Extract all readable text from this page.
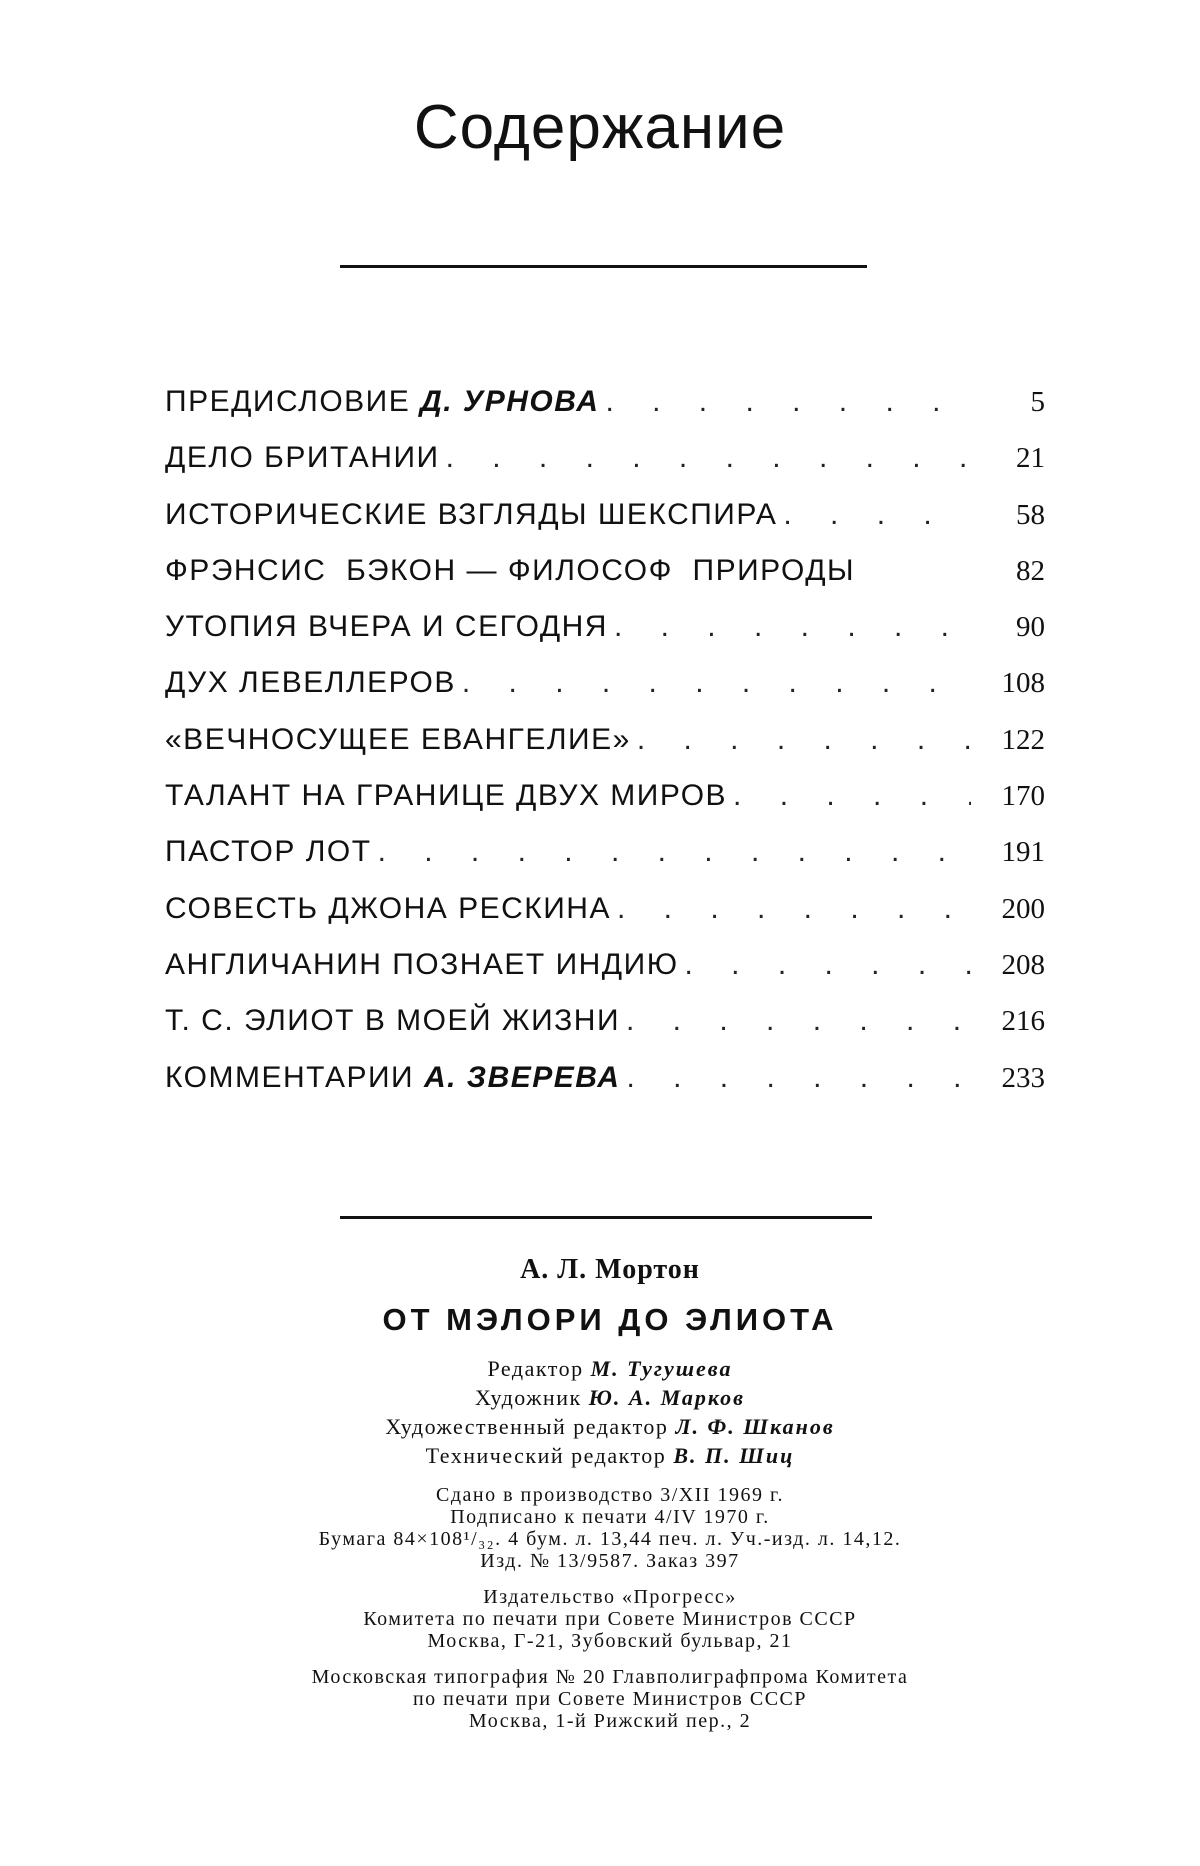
Содержание
ПРЕДИСЛОВИЕ Д. УРНОВА . . .	5
ДЕЛО БРИТАНИИ . . .	21
ИСТОРИЧЕСКИЕ ВЗГЛЯДЫ ШЕКСПИРА . . .	58
ФРЭНСИС  БЭКОН — ФИЛОСОФ  ПРИРОДЫ	82
УТОПИЯ ВЧЕРА И СЕГОДНЯ . . .	90
ДУХ ЛЕВЕЛЛЕРОВ . . .	108
«ВЕЧНОСУЩЕЕ ЕВАНГЕЛИЕ» . . .	122
ТАЛАНТ НА ГРАНИЦЕ ДВУХ МИРОВ . . .	170
ПАСТОР ЛОТ . . .	191
СОВЕСТЬ ДЖОНА РЕСКИНА . . .	200
АНГЛИЧАНИН ПОЗНАЕТ ИНДИЮ . . .	208
Т. С. ЭЛИОТ В МОЕЙ ЖИЗНИ . . .	216
КОММЕНТАРИИ А. ЗВЕРЕВА . . .	233

А. Л. Мортон

ОТ МЭЛОРИ ДО ЭЛИОТА

Редактор М. Тугушева
Художник Ю. А. Марков
Художественный редактор Л. Ф. Шканов
Технический редактор В. П. Шиц
Сдано в производство 3/XII 1969 г.
Подписано к печати 4/IV 1970 г.
Бумага 84×108¹/₃₂. 4 бум. л. 13,44 печ. л. Уч.-изд. л. 14,12.
Изд. № 13/9587. Заказ 397
Издательство «Прогресс»
Комитета по печати при Совете Министров СССР
Москва, Г-21, Зубовский бульвар, 21
Московская типография № 20 Главполиграфпрома Комитета
по печати при Совете Министров СССР
Москва, 1-й Рижский пер., 2
